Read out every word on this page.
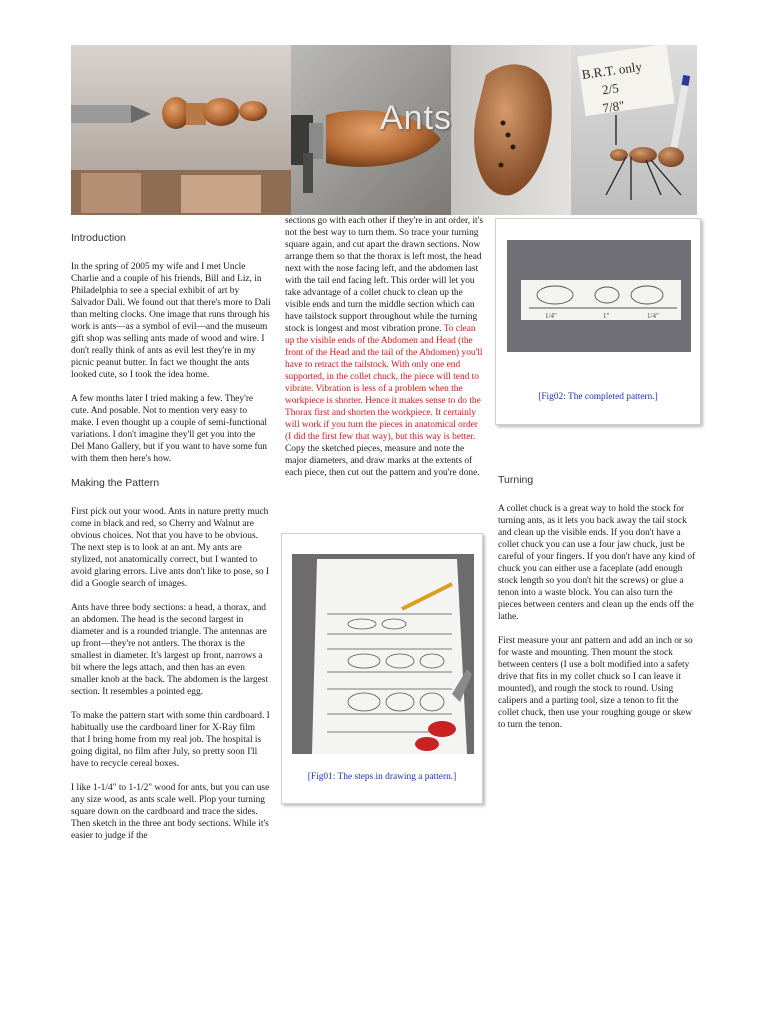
B.R.T. only
2/5
7/8"
Ants
Introduction

In the spring of 2005 my wife and I met Uncle Charlie and a couple of his friends, Bill and Liz, in Philadelphia to see a special exhibit of art by Salvador Dali. We found out that there's more to Dali than melting clocks. One image that runs through his work is ants—as a symbol of evil—and the museum gift shop was selling ants made of wood and wire. I don't really think of ants as evil lest they're in my picnic peanut butter. In fact we thought the ants looked cute, so I took the idea home.

A few months later I tried making a few. They're cute. And posable. Not to mention very easy to make. I even thought up a couple of semi-functional variations. I don't imagine they'll get you into the Del Mano Gallery, but if you want to have some fun with them then here's how.

Making the Pattern

First pick out your wood. Ants in nature pretty much come in black and red, so Cherry and Walnut are obvious choices. Not that you have to be obvious. The next step is to look at an ant. My ants are stylized, not anatomically correct, but I wanted to avoid glaring errors. Live ants don't like to pose, so I did a Google search of images.

Ants have three body sections: a head, a thorax, and an abdomen. The head is the second largest in diameter and is a rounded triangle. The antennas are up front—they're not antlers. The thorax is the smallest in diameter. It's largest up front, narrows a bit where the legs attach, and then has an even smaller knob at the back. The abdomen is the largest section. It resembles a pointed egg.

To make the pattern start with some thin cardboard. I habitually use the cardboard liner for X-Ray film that I bring home from my real job. The hospital is going digital, no film after July, so pretty soon I'll have to recycle cereal boxes.

I like 1-1/4" to 1-1/2" wood for ants, but you can use any size wood, as ants scale well. Plop your turning square down on the cardboard and trace the sides. Then sketch in the three ant body sections. While it's easier to judge if the

sections go with each other if they're in ant order, it's not the best way to turn them. So trace your turning square again, and cut apart the drawn sections. Now arrange them so that the thorax is left most, the head next with the nose facing left, and the abdomen last with the tail end facing left. This order will let you take advantage of a collet chuck to clean up the visible ends and turn the middle section which can have tailstock support throughout while the turning stock is longest and most vibration prone. To clean up the visible ends of the Abdomen and Head (the front of the Head and the tail of the Abdomen) you'll have to retract the tailstock. With only one end supported, in the collet chuck, the piece will tend to vibrate. Vibration is less of a problem when the workpiece is shorter. Hence it makes sense to do the Thorax first and shorten the workpiece. It certainly will work if you turn the pieces in anatomical order (I did the first few that way), but this way is better. Copy the sketched pieces, measure and note the major diameters, and draw marks at the extents of each piece, then cut out the pattern and you're done.

[Fig01: The steps in drawing a pattern.]
1/4"	1"	1/4"
[Fig02: The completed pattern.]
Turning

A collet chuck is a great way to hold the stock for turning ants, as it lets you back away the tail stock and clean up the visible ends. If you don't have a collet chuck you can use a four jaw chuck, just be careful of your fingers. If you don't have any kind of chuck you can either use a faceplate (add enough stock length so you don't hit the screws) or glue a tenon into a waste block. You can also turn the pieces between centers and clean up the ends off the lathe.

First measure your ant pattern and add an inch or so for waste and mounting. Then mount the stock between centers (I use a bolt modified into a safety drive that fits in my collet chuck so I can leave it mounted), and rough the stock to round. Using calipers and a parting tool, size a tenon to fit the collet chuck, then use your roughing gouge or skew to turn the tenon.
